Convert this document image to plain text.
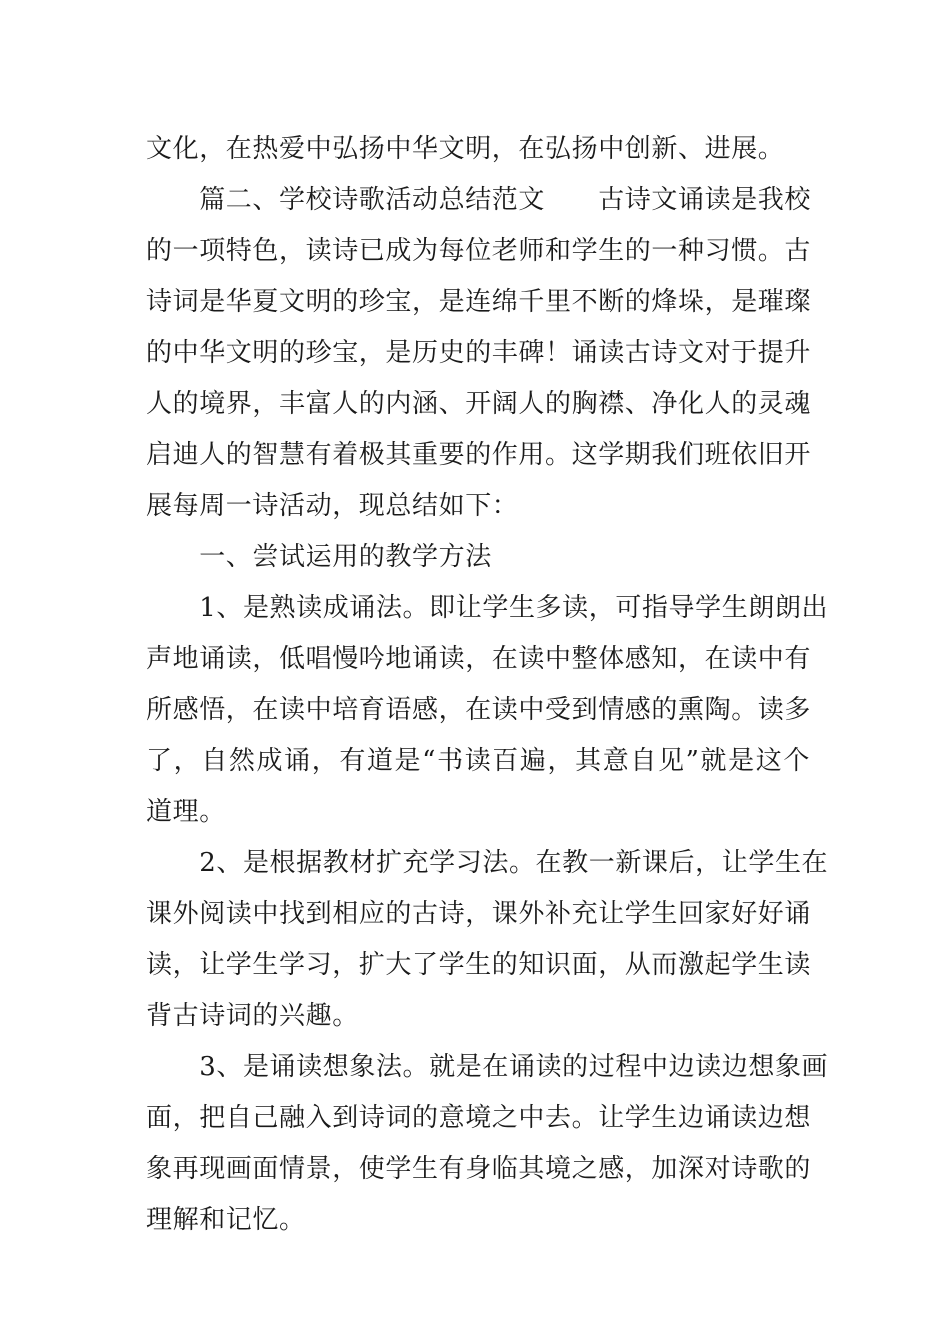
文化，在热爱中弘扬中华文明，在弘扬中创新、进展。
　　篇二、学校诗歌活动总结范文　　古诗文诵读是我校
的一项特色，读诗已成为每位老师和学生的一种习惯。古
诗词是华夏文明的珍宝，是连绵千里不断的烽垛，是璀璨
的中华文明的珍宝，是历史的丰碑！诵读古诗文对于提升
人的境界，丰富人的内涵、开阔人的胸襟、净化人的灵魂
启迪人的智慧有着极其重要的作用。这学期我们班依旧开
展每周一诗活动，现总结如下：
　　一、尝试运用的教学方法
　　1、是熟读成诵法。即让学生多读，可指导学生朗朗出
声地诵读，低唱慢吟地诵读，在读中整体感知，在读中有
所感悟，在读中培育语感，在读中受到情感的熏陶。读多
了，自然成诵，有道是“书读百遍，其意自见”就是这个
道理。
　　2、是根据教材扩充学习法。在教一新课后，让学生在
课外阅读中找到相应的古诗，课外补充让学生回家好好诵
读，让学生学习，扩大了学生的知识面，从而激起学生读
背古诗词的兴趣。
　　3、是诵读想象法。就是在诵读的过程中边读边想象画
面，把自己融入到诗词的意境之中去。让学生边诵读边想
象再现画面情景，使学生有身临其境之感，加深对诗歌的
理解和记忆。
